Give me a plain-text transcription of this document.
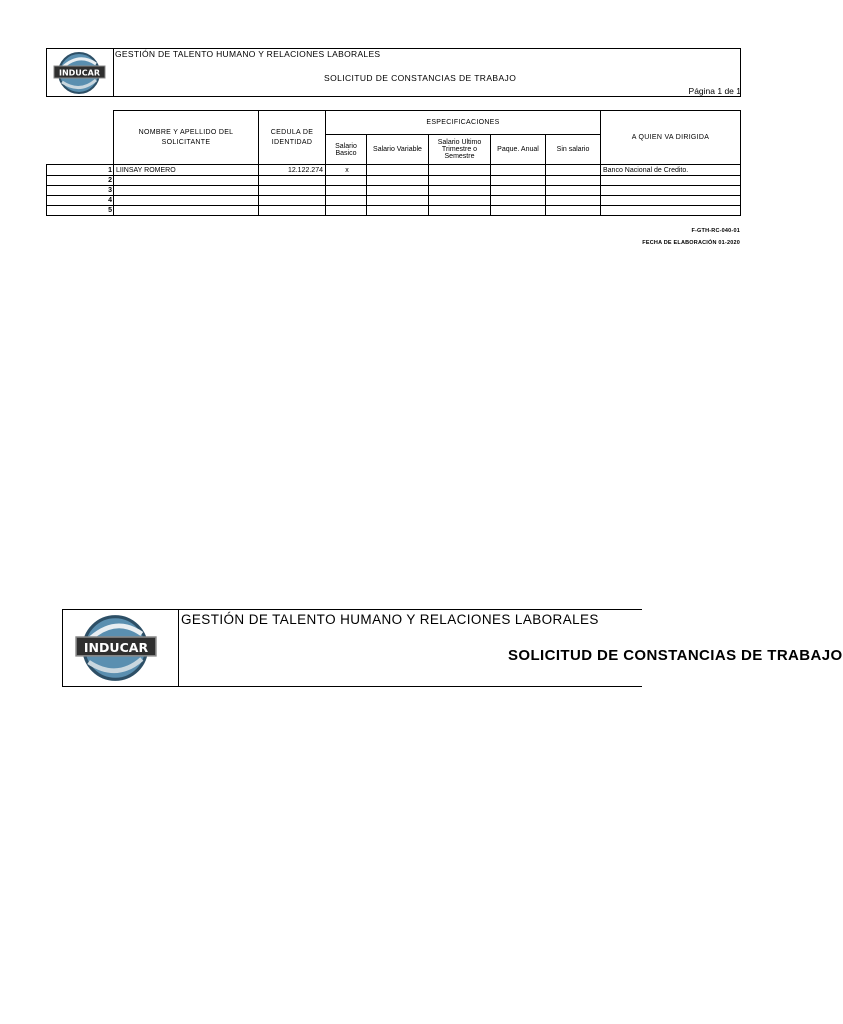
INDUCAR
GESTIÓN DE TALENTO HUMANO Y RELACIONES LABORALES
SOLICITUD DE CONSTANCIAS DE TRABAJO
Página 1 de 1
	NOMBRE Y APELLIDO DEL SOLICITANTE	CEDULA DE IDENTIDAD	ESPECIFICACIONES					A QUIEN VA DIRIGIDA
			Salario Basico	Salario Variable	Salario Ultimo Trimestre o Semestre	Paque. Anual	Sin salario	
1	LIINSAY ROMERO	12.122.274	x					Banco Nacional de Credito.
2								
3								
4								
5								
F-GTH-RC-040-01
FECHA DE ELABORACIÓN 01-2020
INDUCAR
GESTIÓN DE TALENTO HUMANO Y RELACIONES LABORALES
SOLICITUD DE CONSTANCIAS DE TRABAJO
